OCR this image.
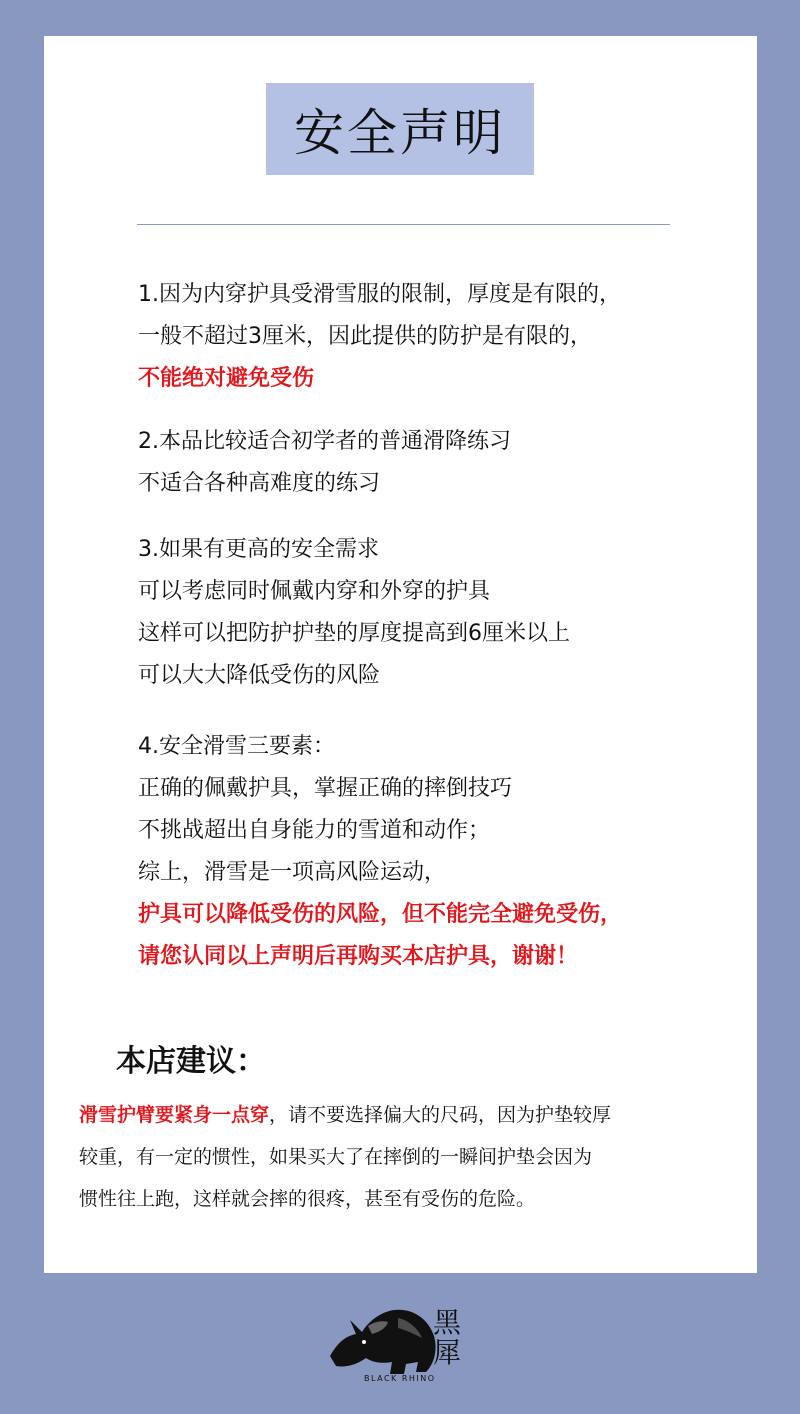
安全声明
1.因为内穿护具受滑雪服的限制，厚度是有限的，
一般不超过3厘米，因此提供的防护是有限的，
不能绝对避免受伤
2.本品比较适合初学者的普通滑降练习
不适合各种高难度的练习
3.如果有更高的安全需求
可以考虑同时佩戴内穿和外穿的护具
这样可以把防护护垫的厚度提高到6厘米以上
可以大大降低受伤的风险
4.安全滑雪三要素：
正确的佩戴护具，掌握正确的摔倒技巧
不挑战超出自身能力的雪道和动作；
综上，滑雪是一项高风险运动，
护具可以降低受伤的风险，但不能完全避免受伤，
请您认同以上声明后再购买本店护具，谢谢！
本店建议：
滑雪护臂要紧身一点穿，请不要选择偏大的尺码，因为护垫较厚
较重，有一定的惯性，如果买大了在摔倒的一瞬间护垫会因为
惯性往上跑，这样就会摔的很疼，甚至有受伤的危险。
黑
犀
BLACK RHINO
